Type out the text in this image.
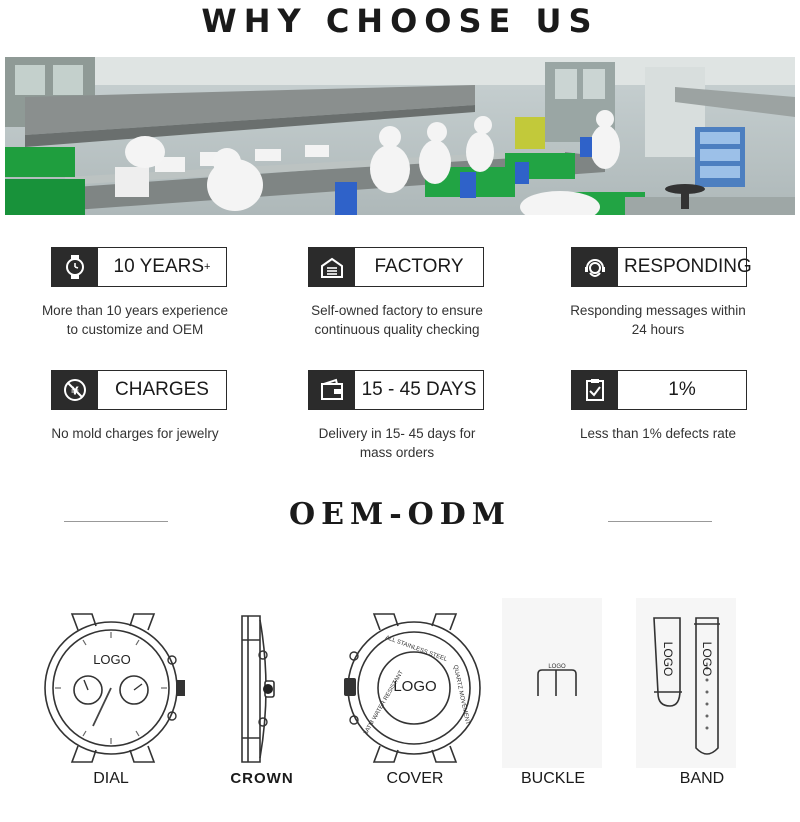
WHY CHOOSE US
10 YEARS +	FACTORY	RESPONDING
More than 10 years experience
to customize and OEM
Self-owned factory to ensure
continuous quality checking
Responding messages within
24 hours
¥	CHARGES	15 - 45 DAYS	1%
No mold charges for jewelry	Delivery in 15- 45 days for
mass orders
Less than 1% defects rate
OEM-ODM
LOGO
LOGO
ALL STAINLESS STEEL
QUARTZ MOVEMENT
3ATM WATER RESISTANT
LOGO	LOGO LOGO
DIAL	CROWN	COVER	BUCKLE	BAND
